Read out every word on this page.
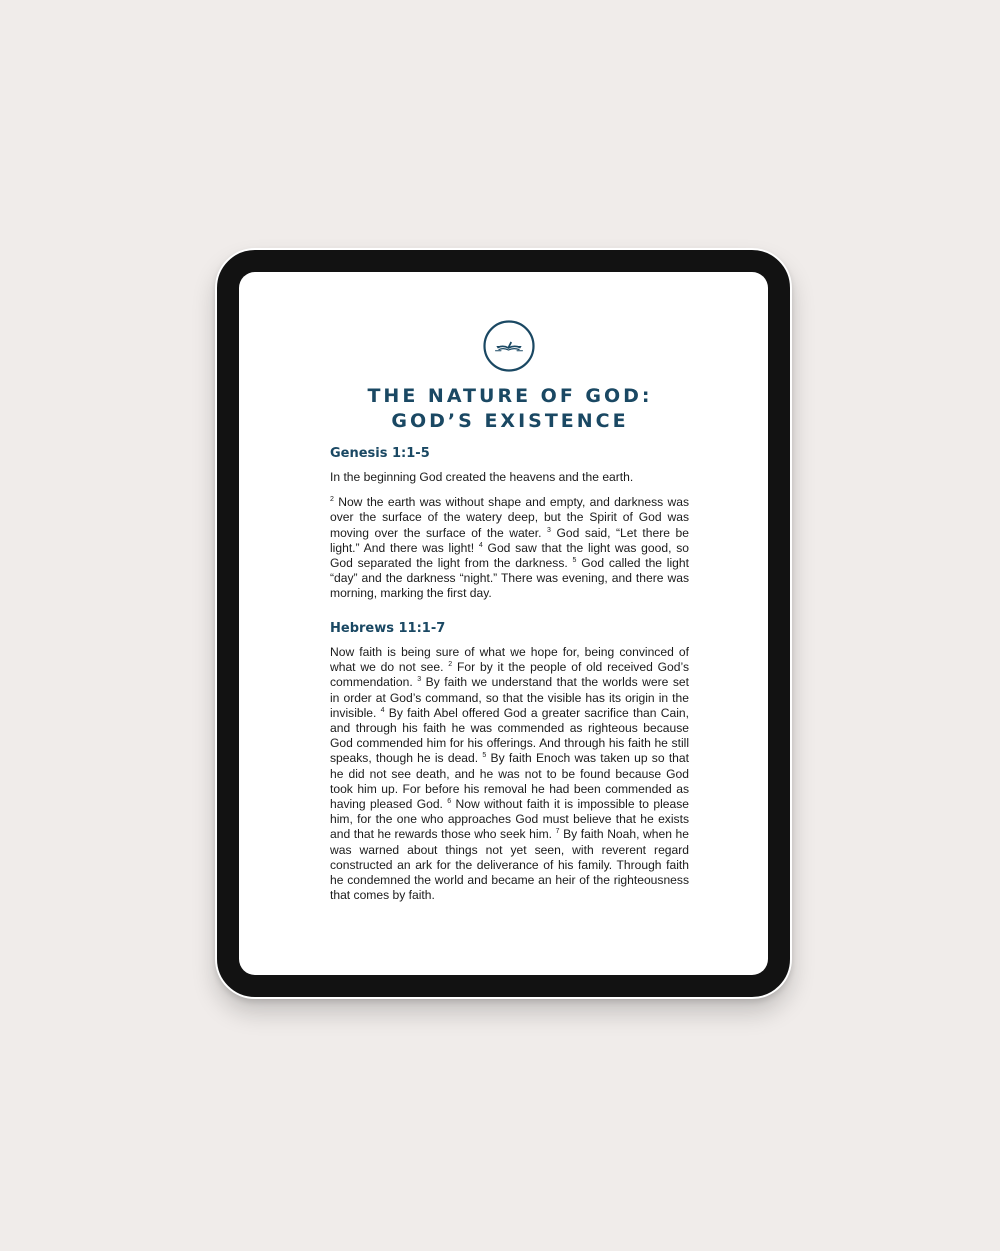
THE NATURE OF GOD:
GOD’S EXISTENCE
Genesis 1:1-5

In the beginning God created the heavens and the earth.

$^2$ Now the earth was without shape and empty, and darkness was over the surface of the watery deep, but the Spirit of God was moving over the surface of the water. $^3$ God said, “Let there be light.” And there was light! $^4$ God saw that the light was good, so God separated the light from the darkness. $^5$ God called the light “day” and the darkness “night.” There was evening, and there was morning, marking the first day.

Hebrews 11:1-7

Now faith is being sure of what we hope for, being convinced of what we do not see. $^2$ For by it the people of old received God’s commendation. $^3$ By faith we understand that the worlds were set in order at God’s command, so that the visible has its origin in the invisible. $^4$ By faith Abel offered God a greater sacrifice than Cain, and through his faith he was commended as righteous because God commended him for his offerings. And through his faith he still speaks, though he is dead. $^5$ By faith Enoch was taken up so that he did not see death, and he was not to be found because God took him up. For before his removal he had been commended as having pleased God. $^6$ Now without faith it is impossible to please him, for the one who approaches God must believe that he exists and that he rewards those who seek him. $^7$ By faith Noah, when he was warned about things not yet seen, with reverent regard constructed an ark for the deliverance of his family. Through faith he condemned the world and became an heir of the righteousness that comes by faith.
